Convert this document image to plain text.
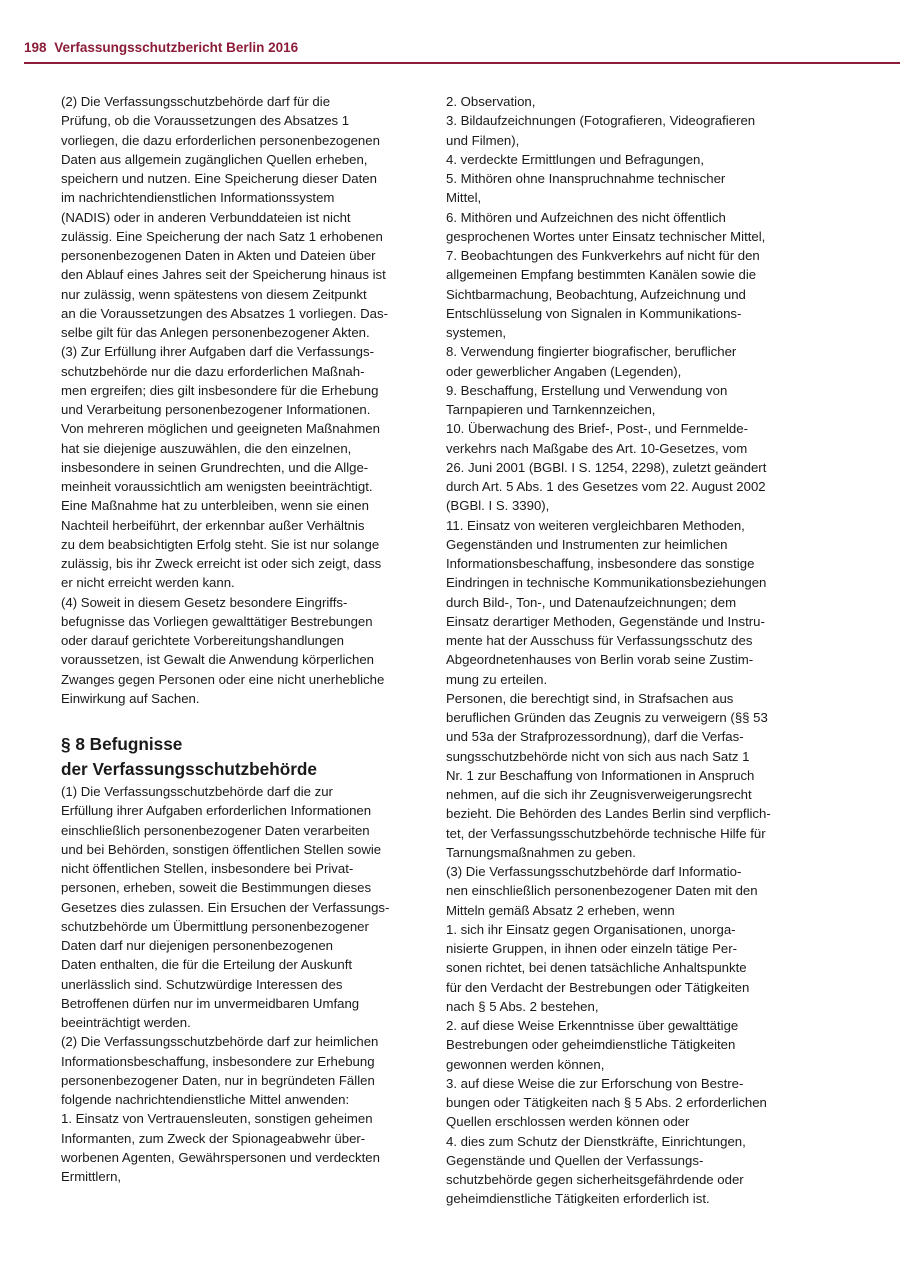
198 Verfassungsschutzbericht Berlin 2016
(2) Die Verfassungsschutzbehörde darf für die
Prüfung, ob die Voraussetzungen des Absatzes 1
vorliegen, die dazu erforderlichen personenbezogenen
Daten aus allgemein zugänglichen Quellen erheben,
speichern und nutzen. Eine Speicherung dieser Daten
im nachrichtendienstlichen Informationssystem
(NADIS) oder in anderen Verbunddateien ist nicht
zulässig. Eine Speicherung der nach Satz 1 erhobenen
personenbezogenen Daten in Akten und Dateien über
den Ablauf eines Jahres seit der Speicherung hinaus ist
nur zulässig, wenn spätestens von diesem Zeitpunkt
an die Voraussetzungen des Absatzes 1 vorliegen. Das-
selbe gilt für das Anlegen personenbezogener Akten.
(3) Zur Erfüllung ihrer Aufgaben darf die Verfassungs-
schutzbehörde nur die dazu erforderlichen Maßnah-
men ergreifen; dies gilt insbesondere für die Erhebung
und Verarbeitung personenbezogener Informationen.
Von mehreren möglichen und geeigneten Maßnahmen
hat sie diejenige auszuwählen, die den einzelnen,
insbesondere in seinen Grundrechten, und die Allge-
meinheit voraussichtlich am wenigsten beeinträchtigt.
Eine Maßnahme hat zu unterbleiben, wenn sie einen
Nachteil herbeiführt, der erkennbar außer Verhältnis
zu dem beabsichtigten Erfolg steht. Sie ist nur solange
zulässig, bis ihr Zweck erreicht ist oder sich zeigt, dass
er nicht erreicht werden kann.
(4) Soweit in diesem Gesetz besondere Eingriffs-
befugnisse das Vorliegen gewalttätiger Bestrebungen
oder darauf gerichtete Vorbereitungshandlungen
voraussetzen, ist Gewalt die Anwendung körperlichen
Zwanges gegen Personen oder eine nicht unerhebliche
Einwirkung auf Sachen.
§ 8 Befugnisse
der Verfassungsschutzbehörde
(1) Die Verfassungsschutzbehörde darf die zur
Erfüllung ihrer Aufgaben erforderlichen Informationen
einschließlich personenbezogener Daten verarbeiten
und bei Behörden, sonstigen öffentlichen Stellen sowie
nicht öffentlichen Stellen, insbesondere bei Privat-
personen, erheben, soweit die Bestimmungen dieses
Gesetzes dies zulassen. Ein Ersuchen der Verfassungs-
schutzbehörde um Übermittlung personenbezogener
Daten darf nur diejenigen personenbezogenen
Daten enthalten, die für die Erteilung der Auskunft
unerlässlich sind. Schutzwürdige Interessen des
Betroffenen dürfen nur im unvermeidbaren Umfang
beeinträchtigt werden.
(2) Die Verfassungsschutzbehörde darf zur heimlichen
Informationsbeschaffung, insbesondere zur Erhebung
personenbezogener Daten, nur in begründeten Fällen
folgende nachrichtendienstliche Mittel anwenden:
1. Einsatz von Vertrauensleuten, sonstigen geheimen
Informanten, zum Zweck der Spionageabwehr über-
worbenen Agenten, Gewährspersonen und verdeckten
Ermittlern,
2. Observation,
3. Bildaufzeichnungen (Fotografieren, Videografieren
und Filmen),
4. verdeckte Ermittlungen und Befragungen,
5. Mithören ohne Inanspruchnahme technischer
Mittel,
6. Mithören und Aufzeichnen des nicht öffentlich
gesprochenen Wortes unter Einsatz technischer Mittel,
7. Beobachtungen des Funkverkehrs auf nicht für den
allgemeinen Empfang bestimmten Kanälen sowie die
Sichtbarmachung, Beobachtung, Aufzeichnung und
Entschlüsselung von Signalen in Kommunikations-
systemen,
8. Verwendung fingierter biografischer, beruflicher
oder gewerblicher Angaben (Legenden),
9. Beschaffung, Erstellung und Verwendung von
Tarnpapieren und Tarnkennzeichen,
10. Überwachung des Brief-, Post-, und Fernmelde-
verkehrs nach Maßgabe des Art. 10-Gesetzes, vom
26. Juni 2001 (BGBl. I S. 1254, 2298), zuletzt geändert
durch Art. 5 Abs. 1 des Gesetzes vom 22. August 2002
(BGBl. I S. 3390),
11. Einsatz von weiteren vergleichbaren Methoden,
Gegenständen und Instrumenten zur heimlichen
Informationsbeschaffung, insbesondere das sonstige
Eindringen in technische Kommunikationsbeziehungen
durch Bild-, Ton-, und Datenaufzeichnungen; dem
Einsatz derartiger Methoden, Gegenstände und Instru-
mente hat der Ausschuss für Verfassungsschutz des
Abgeordnetenhauses von Berlin vorab seine Zustim-
mung zu erteilen.
Personen, die berechtigt sind, in Strafsachen aus
beruflichen Gründen das Zeugnis zu verweigern (§§ 53
und 53a der Strafprozessordnung), darf die Verfas-
sungsschutzbehörde nicht von sich aus nach Satz 1
Nr. 1 zur Beschaffung von Informationen in Anspruch
nehmen, auf die sich ihr Zeugnisverweigerungsrecht
bezieht. Die Behörden des Landes Berlin sind verpflich-
tet, der Verfassungsschutzbehörde technische Hilfe für
Tarnungsmaßnahmen zu geben.
(3) Die Verfassungsschutzbehörde darf Informatio-
nen einschließlich personenbezogener Daten mit den
Mitteln gemäß Absatz 2 erheben, wenn
1. sich ihr Einsatz gegen Organisationen, unorga-
nisierte Gruppen, in ihnen oder einzeln tätige Per-
sonen richtet, bei denen tatsächliche Anhaltspunkte
für den Verdacht der Bestrebungen oder Tätigkeiten
nach § 5 Abs. 2 bestehen,
2. auf diese Weise Erkenntnisse über gewalttätige
Bestrebungen oder geheimdienstliche Tätigkeiten
gewonnen werden können,
3. auf diese Weise die zur Erforschung von Bestre-
bungen oder Tätigkeiten nach § 5 Abs. 2 erforderlichen
Quellen erschlossen werden können oder
4. dies zum Schutz der Dienstkräfte, Einrichtungen,
Gegenstände und Quellen der Verfassungs-
schutzbehörde gegen sicherheitsgefährdende oder
geheimdienstliche Tätigkeiten erforderlich ist.
